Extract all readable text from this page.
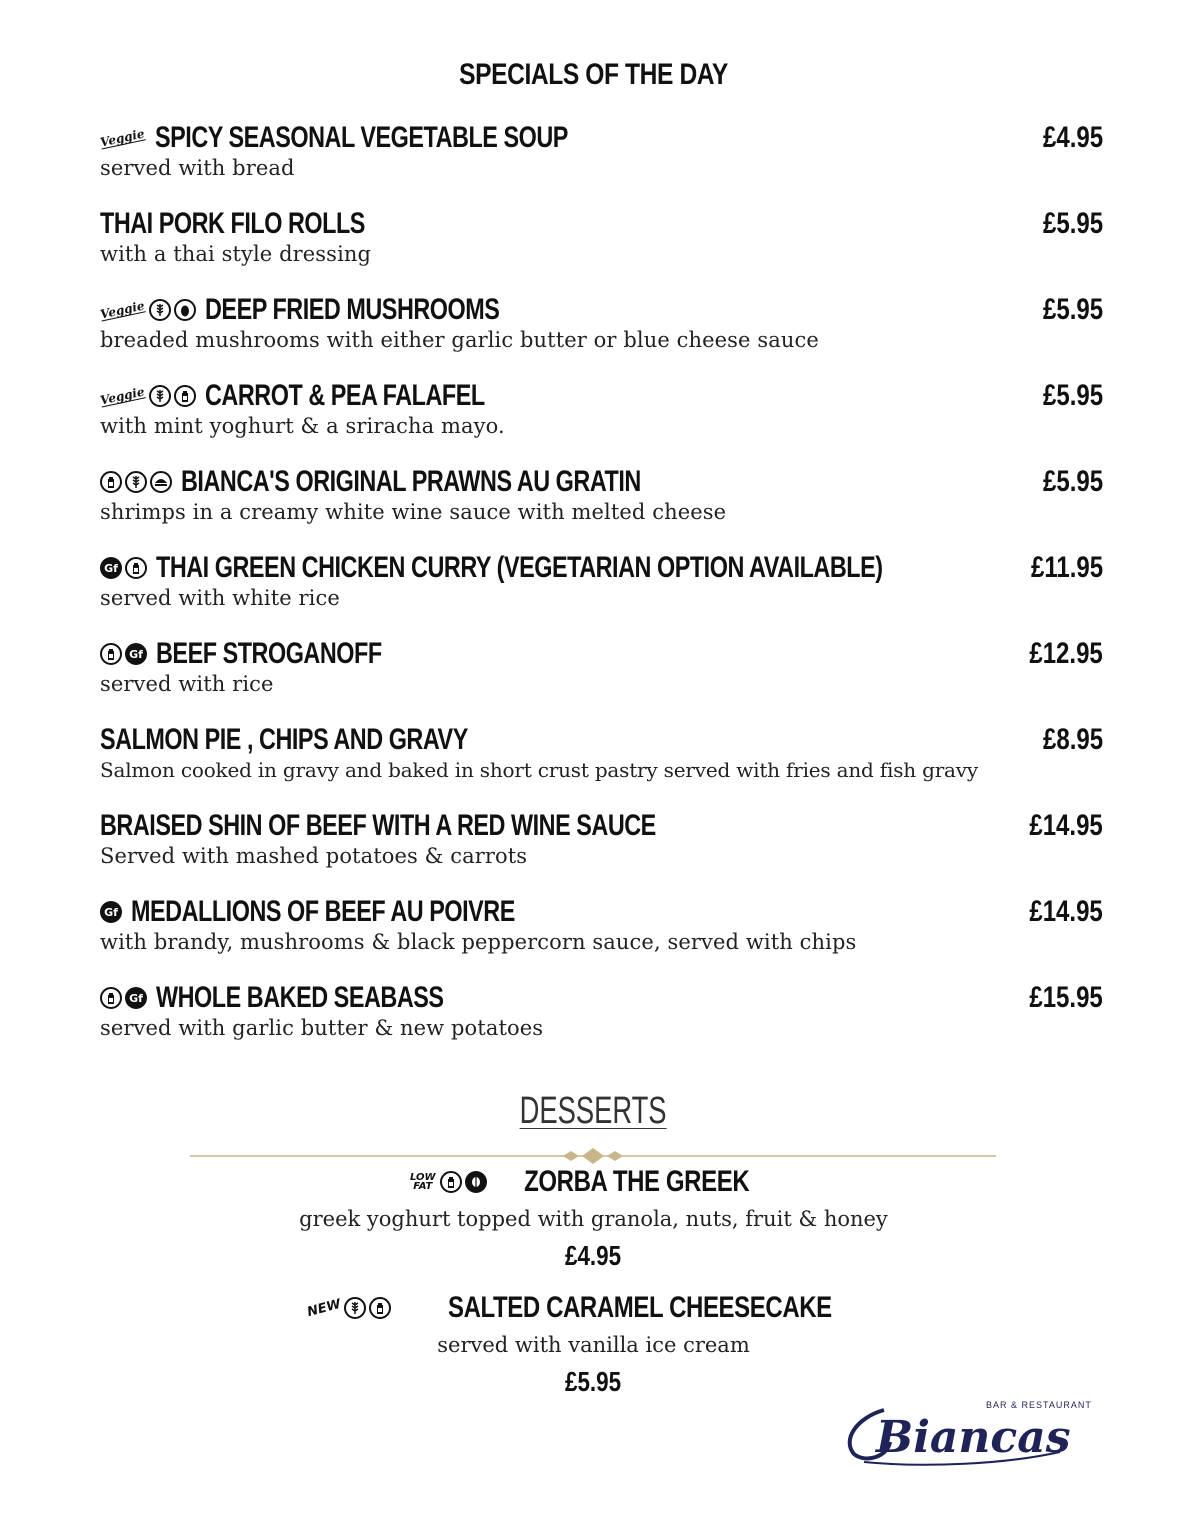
SPECIALS OF THE DAY
Veggie SPICY SEASONAL VEGETABLE SOUP	£4.95
served with bread
THAI PORK FILO ROLLS	£5.95
with a thai style dressing
Veggie DEEP FRIED MUSHROOMS	£5.95
breaded mushrooms with either garlic butter or blue cheese sauce
Veggie CARROT & PEA FALAFEL	£5.95
with mint yoghurt & a sriracha mayo.
BIANCA'S ORIGINAL PRAWNS AU GRATIN	£5.95
shrimps in a creamy white wine sauce with melted cheese
Gf THAI GREEN CHICKEN CURRY (VEGETARIAN OPTION AVAILABLE)	£11.95
served with white rice
Gf BEEF STROGANOFF	£12.95
served with rice
SALMON PIE , CHIPS AND GRAVY	£8.95
Salmon cooked in gravy and baked in short crust pastry served with fries and fish gravy
BRAISED SHIN OF BEEF WITH A RED WINE SAUCE	£14.95
Served with mashed potatoes & carrots
Gf MEDALLIONS OF BEEF AU POIVRE	£14.95
with brandy, mushrooms & black peppercorn sauce, served with chips
Gf WHOLE BAKED SEABASS	£15.95
served with garlic butter & new potatoes
DESSERTS
LOW
FAT	ZORBA THE GREEK
greek yoghurt topped with granola, nuts, fruit & honey
£4.95
NEW	SALTED CARAMEL CHEESECAKE
served with vanilla ice cream
£5.95
BAR & RESTAURANT
Biancas
